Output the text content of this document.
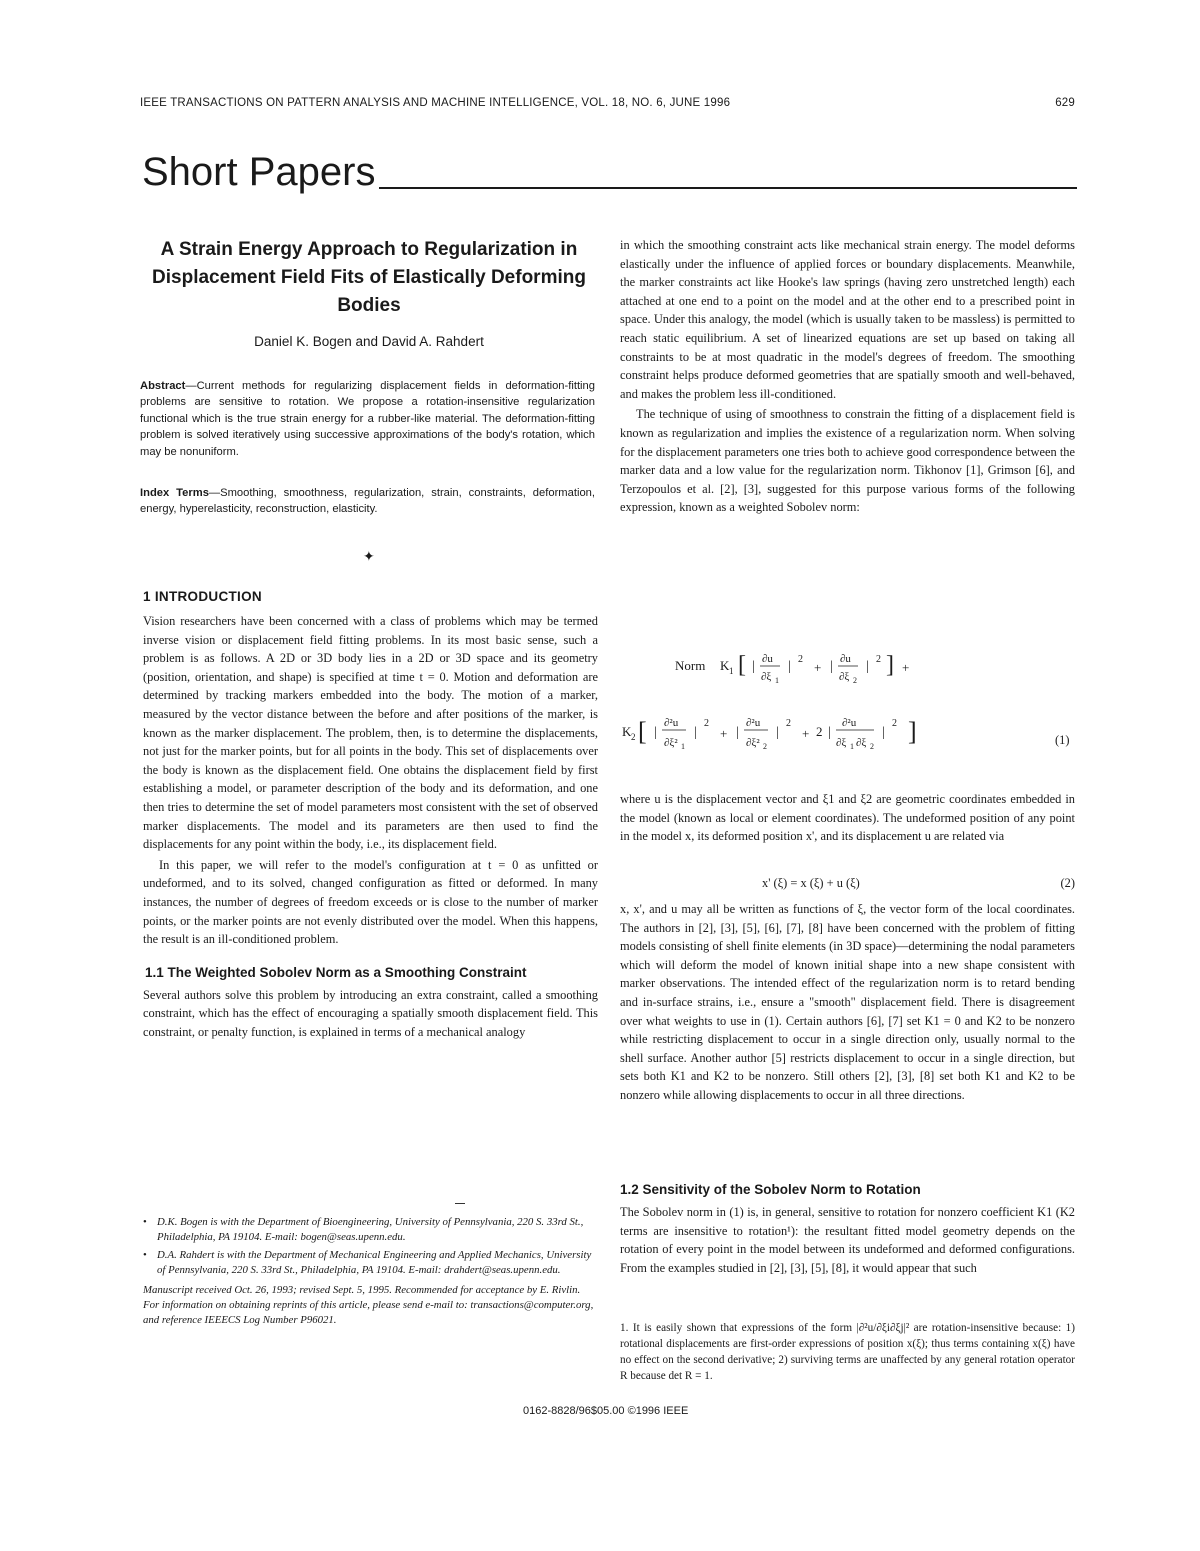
IEEE TRANSACTIONS ON PATTERN ANALYSIS AND MACHINE INTELLIGENCE, VOL. 18, NO. 6, JUNE 1996	629
Short Papers
A Strain Energy Approach to Regularization in Displacement Field Fits of Elastically Deforming Bodies
Daniel K. Bogen and David A. Rahdert
Abstract—Current methods for regularizing displacement fields in deformation-fitting problems are sensitive to rotation. We propose a rotation-insensitive regularization functional which is the true strain energy for a rubber-like material. The deformation-fitting problem is solved iteratively using successive approximations of the body's rotation, which may be nonuniform.
Index Terms—Smoothing, smoothness, regularization, strain, constraints, deformation, energy, hyperelasticity, reconstruction, elasticity.
✦
1 INTRODUCTION

Vision researchers have been concerned with a class of problems which may be termed inverse vision or displacement field fitting problems. In its most basic sense, such a problem is as follows. A 2D or 3D body lies in a 2D or 3D space and its geometry (position, orientation, and shape) is specified at time t = 0. Motion and deformation are determined by tracking markers embedded into the body. The motion of a marker, measured by the vector distance between the before and after positions of the marker, is known as the marker displacement. The problem, then, is to determine the displacements, not just for the marker points, but for all points in the body. This set of displacements over the body is known as the displacement field. One obtains the displacement field by first establishing a model, or parameter description of the body and its deformation, and one then tries to determine the set of model parameters most consistent with the set of observed marker displacements. The model and its parameters are then used to find the displacements for any point within the body, i.e., its displacement field.

In this paper, we will refer to the model's configuration at t = 0 as unfitted or undeformed, and to its solved, changed configuration as fitted or deformed. In many instances, the number of degrees of freedom exceeds or is close to the number of marker points, or the marker points are not evenly distributed over the model. When this happens, the result is an ill-conditioned problem.

1.1 The Weighted Sobolev Norm as a Smoothing Constraint

Several authors solve this problem by introducing an extra constraint, called a smoothing constraint, which has the effect of encouraging a spatially smooth displacement field. This constraint, or penalty function, is explained in terms of a mechanical analogy

• D.K. Bogen is with the Department of Bioengineering, University of Pennsylvania, 220 S. 33rd St., Philadelphia, PA 19104. E-mail: bogen@seas.upenn.edu.
• D.A. Rahdert is with the Department of Mechanical Engineering and Applied Mechanics, University of Pennsylvania, 220 S. 33rd St., Philadelphia, PA 19104. E-mail: drahdert@seas.upenn.edu.
Manuscript received Oct. 26, 1993; revised Sept. 5, 1995. Recommended for acceptance by E. Rivlin.
For information on obtaining reprints of this article, please send e-mail to: transactions@computer.org, and reference IEEECS Log Number P96021.

in which the smoothing constraint acts like mechanical strain energy. The model deforms elastically under the influence of applied forces or boundary displacements. Meanwhile, the marker constraints act like Hooke's law springs (having zero unstretched length) each attached at one end to a point on the model and at the other end to a prescribed point in space. Under this analogy, the model (which is usually taken to be massless) is permitted to reach static equilibrium. A set of linearized equations are set up based on taking all constraints to be at most quadratic in the model's degrees of freedom. The smoothing constraint helps produce deformed geometries that are spatially smooth and well-behaved, and makes the problem less ill-conditioned.

The technique of using of smoothness to constrain the fitting of a displacement field is known as regularization and implies the existence of a regularization norm. When solving for the displacement parameters one tries both to achieve good correspondence between the marker data and a low value for the regularization norm. Tikhonov [1], Grimson [6], and Terzopoulos et al. [2], [3], suggested for this purpose various forms of the following expression, known as a weighted Sobolev norm:

Norm K 1 [ | ∂u
∂ξ 1
| 2
+ | ∂u
∂ξ 2
| 2 ] +
K 2 [ |
∂²u
∂ξ² 1
|
2
+ |
∂²u
∂ξ² 2
|
2
+ 2 |
∂²u
∂ξ 1 ∂ξ 2
|
2 ]	(1)

where u is the displacement vector and ξ1 and ξ2 are geometric coordinates embedded in the model (known as local or element coordinates). The undeformed position of any point in the model x, its deformed position x', and its displacement u are related via

x' (ξ) = x (ξ) + u (ξ)	(2)

x, x', and u may all be written as functions of ξ, the vector form of the local coordinates. The authors in [2], [3], [5], [6], [7], [8] have been concerned with the problem of fitting models consisting of shell finite elements (in 3D space)—determining the nodal parameters which will deform the model of known initial shape into a new shape consistent with marker observations. The intended effect of the regularization norm is to retard bending and in-surface strains, i.e., ensure a "smooth" displacement field. There is disagreement over what weights to use in (1). Certain authors [6], [7] set K1 = 0 and K2 to be nonzero while restricting displacement to occur in a single direction only, usually normal to the shell surface. Another author [5] restricts displacement to occur in a single direction, but sets both K1 and K2 to be nonzero. Still others [2], [3], [8] set both K1 and K2 to be nonzero while allowing displacements to occur in all three directions.

1.2 Sensitivity of the Sobolev Norm to Rotation

The Sobolev norm in (1) is, in general, sensitive to rotation for nonzero coefficient K1 (K2 terms are insensitive to rotation¹): the resultant fitted model geometry depends on the rotation of every point in the model between its undeformed and deformed configurations. From the examples studied in [2], [3], [5], [8], it would appear that such

1. It is easily shown that expressions of the form |∂²u/∂ξi∂ξj|² are rotation-insensitive because: 1) rotational displacements are first-order expressions of position x(ξ); thus terms containing x(ξ) have no effect on the second derivative; 2) surviving terms are unaffected by any general rotation operator R because det R = 1.
0162-8828/96$05.00 ©1996 IEEE
